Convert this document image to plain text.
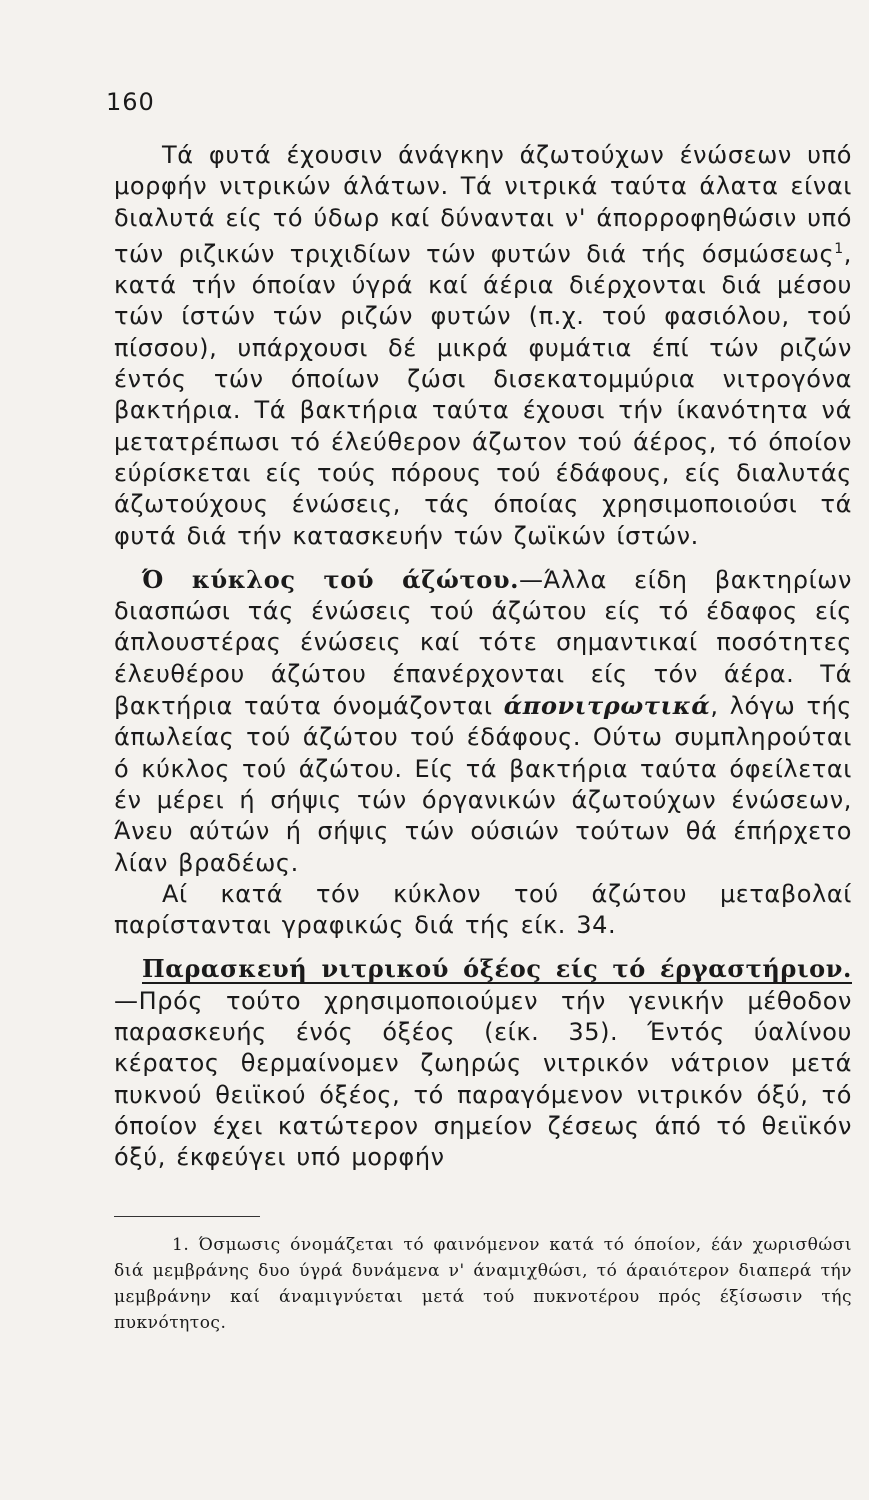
160

Τά φυτά έχουσιν άνάγκην άζωτούχων ένώσεων υπό μορφήν νιτρικών άλάτων. Τά νιτρικά ταύτα άλατα είναι διαλυτά είς τό ύδωρ καί δύνανται ν' άπορροφηθώσιν υπό τών ριζικών τριχιδίων τών φυτών διά τής όσμώσεως$^1$, κατά τήν όποίαν ύγρά καί άέρια διέρχονται διά μέσου τών ίστών τών ριζών φυτών (π.χ. τού φασιόλου, τού πίσσου), υπάρχουσι δέ μικρά φυμάτια έπί τών ριζών έντός τών όποίων ζώσι δισεκατομμύρια νιτρογόνα βακτήρια. Τά βακτήρια ταύτα έχουσι τήν ίκανότητα νά μετατρέπωσι τό έλεύθερον άζωτον τού άέρος, τό όποίον εύρίσκεται είς τούς πόρους τού έδάφους, είς διαλυτάς άζωτούχους ένώσεις, τάς όποίας χρησιμοποιούσι τά φυτά διά τήν κατασκευήν τών ζωϊκών ίστών.

Ό κύκλος τού άζώτου.—Άλλα είδη βακτηρίων διασπώσι τάς ένώσεις τού άζώτου είς τό έδαφος είς άπλουστέρας ένώσεις καί τότε σημαντικαί ποσότητες έλευθέρου άζώτου έπανέρχονται είς τόν άέρα. Τά βακτήρια ταύτα όνομάζονται άπονιτρωτικά, λόγω τής άπωλείας τού άζώτου τού έδάφους. Ούτω συμπληρούται ό κύκλος τού άζώτου. Είς τά βακτήρια ταύτα όφείλεται έν μέρει ή σήψις τών όργανικών άζωτούχων ένώσεων, Άνευ αύτών ή σήψις τών ούσιών τούτων θά έπήρχετο λίαν βραδέως.

Αί κατά τόν κύκλον τού άζώτου μεταβολαί παρίστανται γραφικώς διά τής είκ. 34.

Παρασκευή νιτρικού όξέος είς τό έργαστήριον.—Πρός τούτο χρησιμοποιούμεν τήν γενικήν μέθοδον παρασκευής ένός όξέος (είκ. 35). Έντός ύαλίνου κέρατος θερμαίνομεν ζωηρώς νιτρικόν νάτριον μετά πυκνού θειϊκού όξέος, τό παραγόμενον νιτρικόν όξύ, τό όποίον έχει κατώτερον σημείον ζέσεως άπό τό θειϊκόν όξύ, έκφεύγει υπό μορφήν

1. Όσμωσις όνομάζεται τό φαινόμενον κατά τό όποίον, έάν χωρισθώσι διά μεμβράνης δυο ύγρά δυνάμενα ν' άναμιχθώσι, τό άραιότερον διαπερά τήν μεμβράνην καί άναμιγνύεται μετά τού πυκνοτέρου πρός έξίσωσιν τής πυκνότητος.
